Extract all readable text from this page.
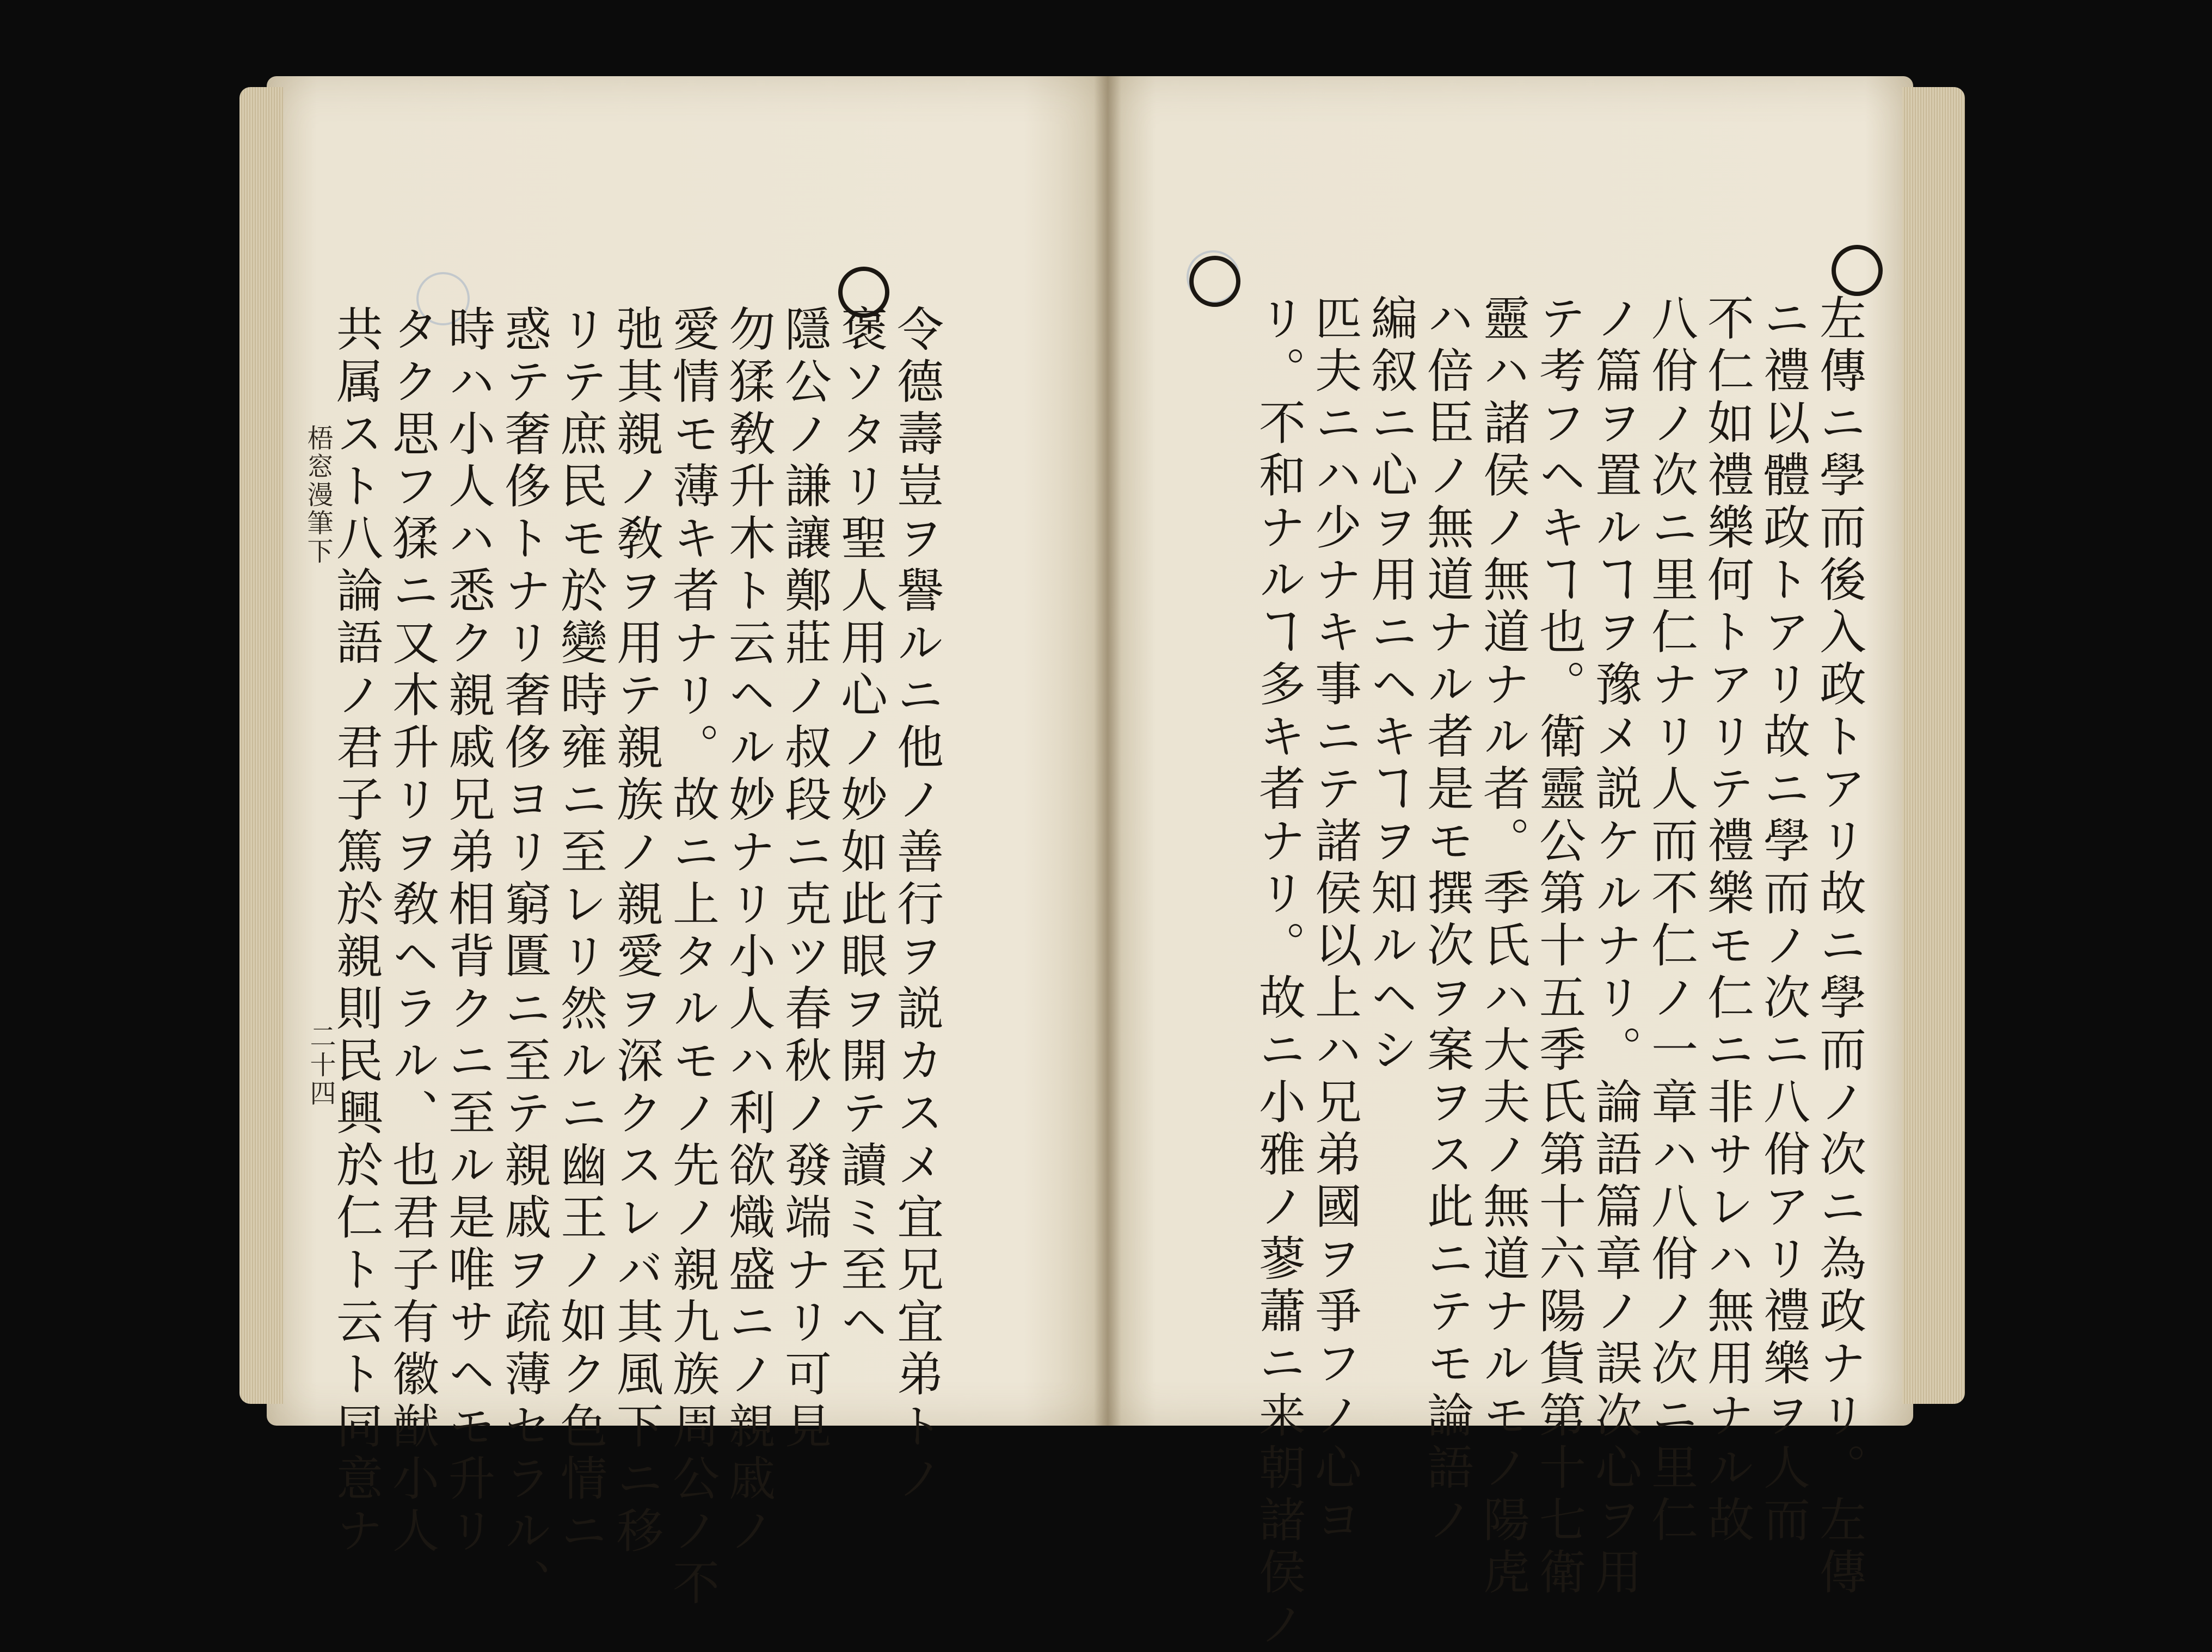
令德壽豈ヲ譽ルニ他ノ善行ヲ説カスメ宜兄宜弟トノ
褒ソタリ聖人用心ノ妙如此眼ヲ開テ讀ミ至ヘ
隱公ノ謙讓鄭莊ノ叔段ニ克ツ春秋ノ發端ナリ可見
勿猱敎升木ト云ヘル妙ナリ小人ハ利欲熾盛ニノ親戚ノ
愛情モ薄キ者ナリ。故ニ上タルモノ先ノ親九族周公ノ不
弛其親ノ敎ヲ用テ親族ノ親愛ヲ深クスレバ其風下ニ移
リテ庶民モ於變時雍ニ至レリ然ルニ幽王ノ如ク色情ニ
惑テ奢侈トナリ奢侈ヨリ窮匱ニ至テ親戚ヲ疏薄セラル、
時ハ小人ハ悉ク親戚兄弟相背クニ至ル是唯サヘモ升リ
タク思フ猱ニ又木升リヲ敎ヘラル、也君子有徽猷小人
共属スト八論語ノ君子篤於親則民興於仁ト云ト同意ナ
梧窓漫筆下
二十四	左傳ニ學而後入政トアリ故ニ學而ノ次ニ為政ナリ。左傳
ニ禮以體政トアリ故ニ學而ノ次ニ八佾アリ禮樂ヲ人而
不仁如禮樂何トアリテ禮樂モ仁ニ非サレハ無用ナル故
八佾ノ次ニ里仁ナリ人而不仁ノ一章ハ八佾ノ次ニ里仁
ノ篇ヲ置ルヿヲ豫メ説ケルナリ。論語篇章ノ誤次心ヲ用
テ考フヘキヿ也。衛靈公第十五季氏第十六陽貨第十七衛
靈ハ諸侯ノ無道ナル者。季氏ハ大夫ノ無道ナルモノ陽虎
ハ倍臣ノ無道ナル者是モ撰次ヲ案ヲス此ニテモ論語ノ
編叙ニ心ヲ用ニヘキヿヲ知ルヘシ
匹夫ニハ少ナキ事ニテ諸侯以上ハ兄弟國ヲ爭フノ心ヨ
リ。不和ナルヿ多キ者ナリ。故ニ小雅ノ蓼蕭ニ来朝諸侯ノ
